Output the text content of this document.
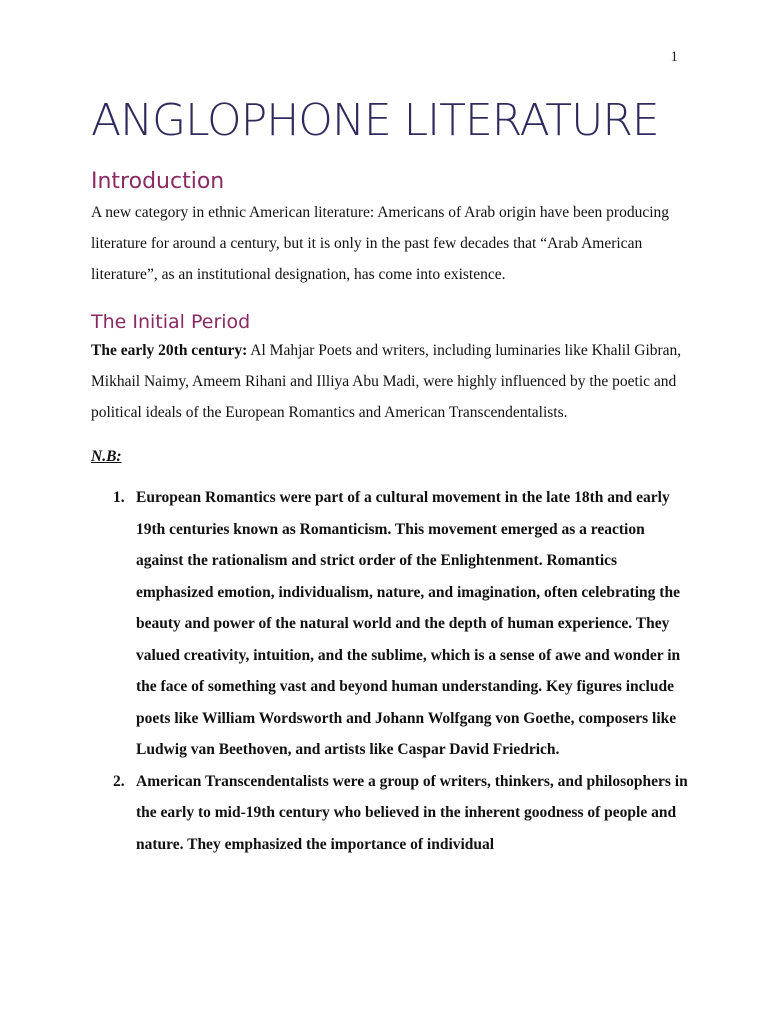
1
ANGLOPHONE LITERATURE
Introduction

A new category in ethnic American literature: Americans of Arab origin have been producing literature for around a century, but it is only in the past few decades that “Arab American literature”, as an institutional designation, has come into existence.

The Initial Period

The early 20th century: Al Mahjar Poets and writers, including luminaries like Khalil Gibran, Mikhail Naimy, Ameem Rihani and Illiya Abu Madi, were highly influenced by the poetic and political ideals of the European Romantics and American Transcendentalists.

N.B:

1. European Romantics were part of a cultural movement in the late 18th and early 19th centuries known as Romanticism. This movement emerged as a reaction against the rationalism and strict order of the Enlightenment. Romantics emphasized emotion, individualism, nature, and imagination, often celebrating the beauty and power of the natural world and the depth of human experience. They valued creativity, intuition, and the sublime, which is a sense of awe and wonder in the face of something vast and beyond human understanding. Key figures include poets like William Wordsworth and Johann Wolfgang von Goethe, composers like Ludwig van Beethoven, and artists like Caspar David Friedrich.
2. American Transcendentalists were a group of writers, thinkers, and philosophers in the early to mid-19th century who believed in the inherent goodness of people and nature. They emphasized the importance of individual
